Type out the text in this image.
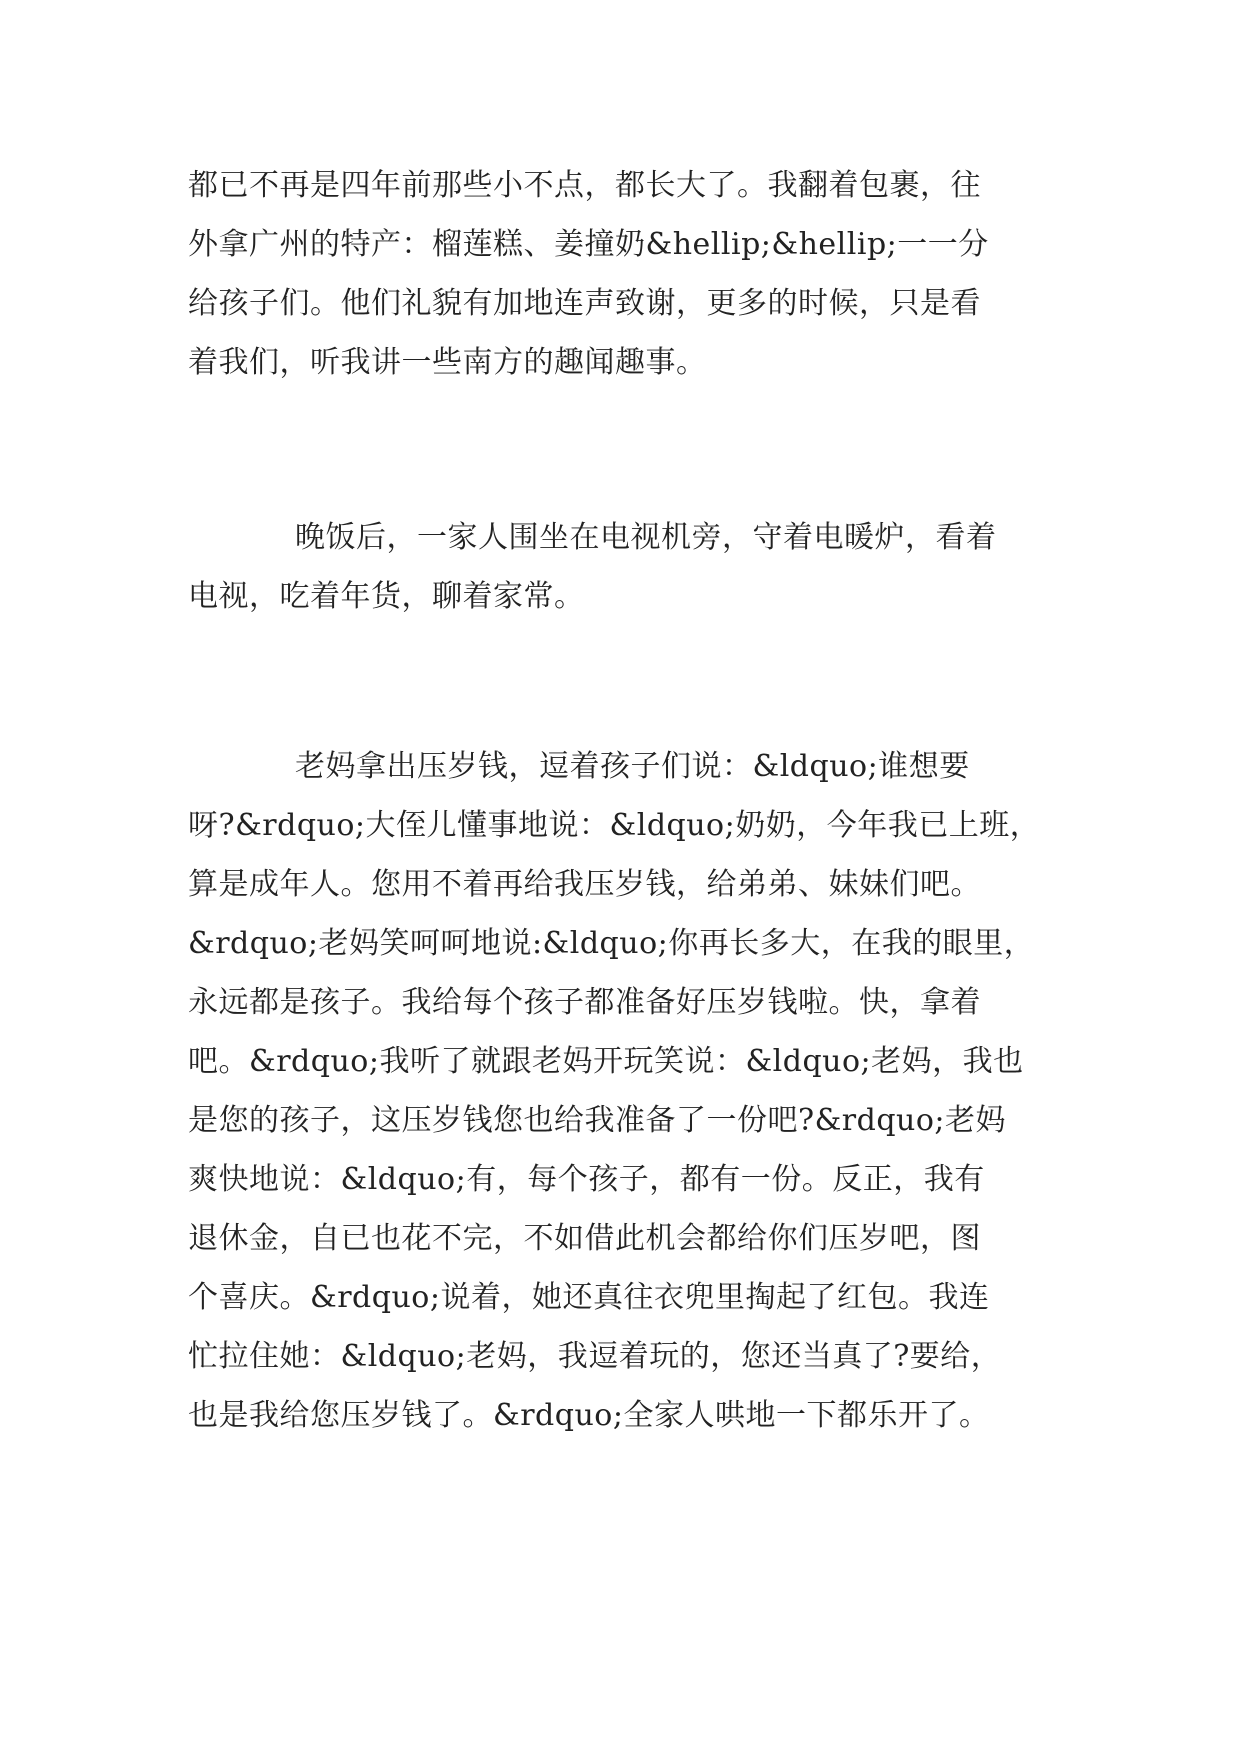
都已不再是四年前那些小不点，都长大了。我翻着包裹，往
外拿广州的特产：榴莲糕、姜撞奶&hellip;&hellip;一一分
给孩子们。他们礼貌有加地连声致谢，更多的时候，只是看
着我们，听我讲一些南方的趣闻趣事。
晚饭后，一家人围坐在电视机旁，守着电暖炉，看着
电视，吃着年货，聊着家常。
老妈拿出压岁钱，逗着孩子们说：&ldquo;谁想要
呀?&rdquo;大侄儿懂事地说：&ldquo;奶奶，今年我已上班，
算是成年人。您用不着再给我压岁钱，给弟弟、妹妹们吧。
&rdquo;老妈笑呵呵地说:&ldquo;你再长多大，在我的眼里，
永远都是孩子。我给每个孩子都准备好压岁钱啦。快，拿着
吧。&rdquo;我听了就跟老妈开玩笑说：&ldquo;老妈，我也
是您的孩子，这压岁钱您也给我准备了一份吧?&rdquo;老妈
爽快地说：&ldquo;有，每个孩子，都有一份。反正，我有
退休金，自已也花不完，不如借此机会都给你们压岁吧，图
个喜庆。&rdquo;说着，她还真往衣兜里掏起了红包。我连
忙拉住她：&ldquo;老妈，我逗着玩的，您还当真了?要给，
也是我给您压岁钱了。&rdquo;全家人哄地一下都乐开了。
